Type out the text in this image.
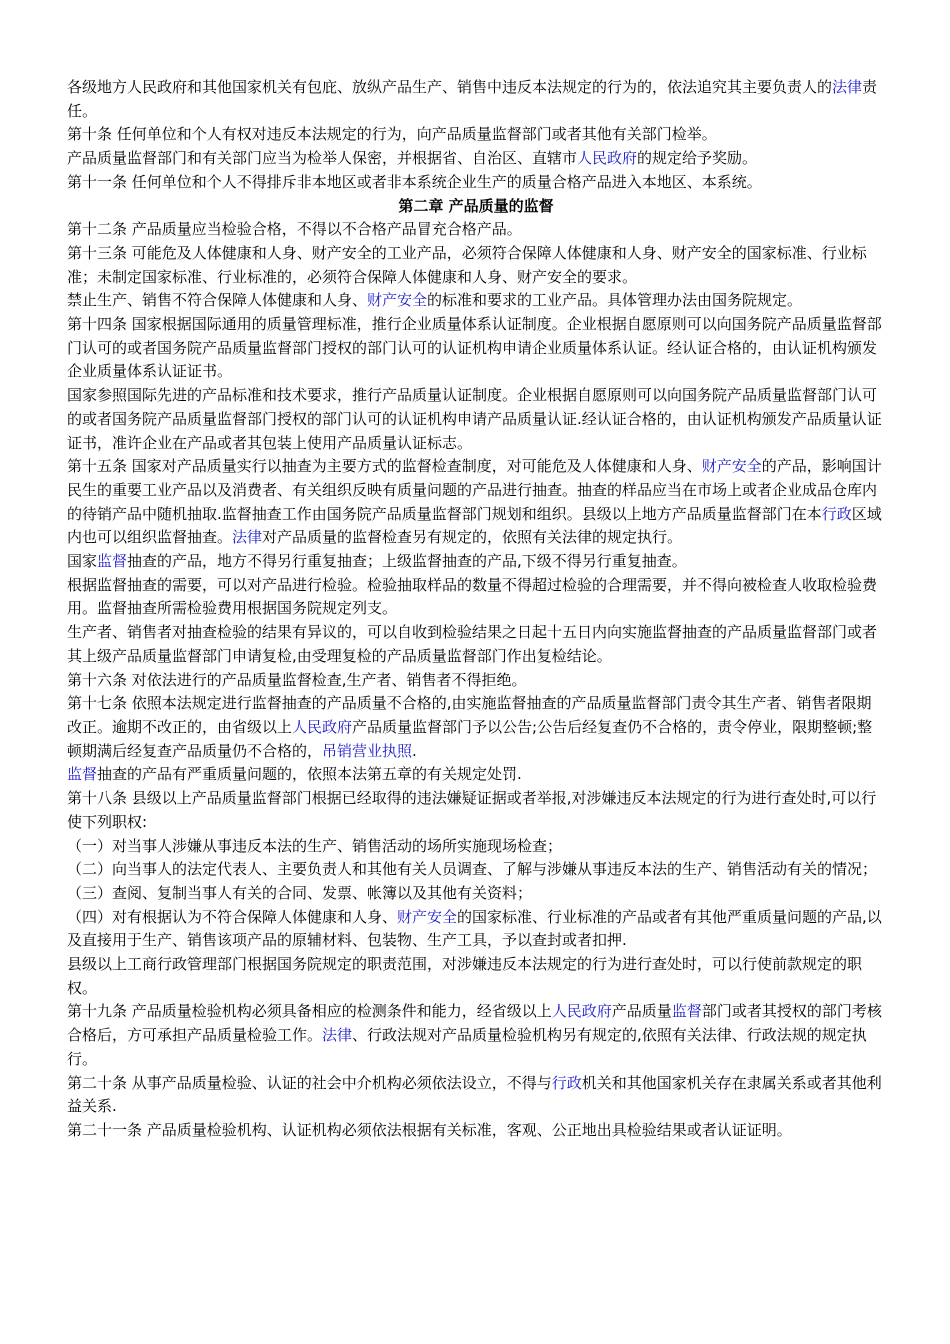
各级地方人民政府和其他国家机关有包庇、放纵产品生产、销售中违反本法规定的行为的，依法追究其主要负责人的法律责任。

第十条 任何单位和个人有权对违反本法规定的行为，向产品质量监督部门或者其他有关部门检举。

产品质量监督部门和有关部门应当为检举人保密，并根据省、自治区、直辖市人民政府的规定给予奖励。

第十一条 任何单位和个人不得排斥非本地区或者非本系统企业生产的质量合格产品进入本地区、本系统。

第二章 产品质量的监督

第十二条 产品质量应当检验合格，不得以不合格产品冒充合格产品。

第十三条 可能危及人体健康和人身、财产安全的工业产品，必须符合保障人体健康和人身、财产安全的国家标准、行业标准；未制定国家标准、行业标准的，必须符合保障人体健康和人身、财产安全的要求。

禁止生产、销售不符合保障人体健康和人身、财产安全的标准和要求的工业产品。具体管理办法由国务院规定。

第十四条 国家根据国际通用的质量管理标准，推行企业质量体系认证制度。企业根据自愿原则可以向国务院产品质量监督部门认可的或者国务院产品质量监督部门授权的部门认可的认证机构申请企业质量体系认证。经认证合格的，由认证机构颁发企业质量体系认证证书。

国家参照国际先进的产品标准和技术要求，推行产品质量认证制度。企业根据自愿原则可以向国务院产品质量监督部门认可的或者国务院产品质量监督部门授权的部门认可的认证机构申请产品质量认证.经认证合格的，由认证机构颁发产品质量认证证书，准许企业在产品或者其包装上使用产品质量认证标志。

第十五条 国家对产品质量实行以抽查为主要方式的监督检查制度，对可能危及人体健康和人身、财产安全的产品，影响国计民生的重要工业产品以及消费者、有关组织反映有质量问题的产品进行抽查。抽查的样品应当在市场上或者企业成品仓库内的待销产品中随机抽取.监督抽查工作由国务院产品质量监督部门规划和组织。县级以上地方产品质量监督部门在本行政区域内也可以组织监督抽查。法律对产品质量的监督检查另有规定的，依照有关法律的规定执行。

国家监督抽查的产品，地方不得另行重复抽查；上级监督抽查的产品,下级不得另行重复抽查。

根据监督抽查的需要，可以对产品进行检验。检验抽取样品的数量不得超过检验的合理需要，并不得向被检查人收取检验费用。监督抽查所需检验费用根据国务院规定列支。

生产者、销售者对抽查检验的结果有异议的，可以自收到检验结果之日起十五日内向实施监督抽查的产品质量监督部门或者其上级产品质量监督部门申请复检,由受理复检的产品质量监督部门作出复检结论。

第十六条 对依法进行的产品质量监督检查,生产者、销售者不得拒绝。

第十七条 依照本法规定进行监督抽查的产品质量不合格的,由实施监督抽查的产品质量监督部门责令其生产者、销售者限期改正。逾期不改正的，由省级以上人民政府产品质量监督部门予以公告;公告后经复查仍不合格的，责令停业，限期整顿;整顿期满后经复查产品质量仍不合格的，吊销营业执照.

监督抽查的产品有严重质量问题的，依照本法第五章的有关规定处罚.

第十八条 县级以上产品质量监督部门根据已经取得的违法嫌疑证据或者举报,对涉嫌违反本法规定的行为进行查处时,可以行使下列职权:

（一）对当事人涉嫌从事违反本法的生产、销售活动的场所实施现场检查；

（二）向当事人的法定代表人、主要负责人和其他有关人员调查、了解与涉嫌从事违反本法的生产、销售活动有关的情况；

（三）查阅、复制当事人有关的合同、发票、帐簿以及其他有关资料；

（四）对有根据认为不符合保障人体健康和人身、财产安全的国家标准、行业标准的产品或者有其他严重质量问题的产品,以及直接用于生产、销售该项产品的原辅材料、包装物、生产工具，予以查封或者扣押.

县级以上工商行政管理部门根据国务院规定的职责范围，对涉嫌违反本法规定的行为进行查处时，可以行使前款规定的职权。

第十九条 产品质量检验机构必须具备相应的检测条件和能力，经省级以上人民政府产品质量监督部门或者其授权的部门考核合格后，方可承担产品质量检验工作。法律、行政法规对产品质量检验机构另有规定的,依照有关法律、行政法规的规定执行。

第二十条 从事产品质量检验、认证的社会中介机构必须依法设立，不得与行政机关和其他国家机关存在隶属关系或者其他利益关系.

第二十一条 产品质量检验机构、认证机构必须依法根据有关标准，客观、公正地出具检验结果或者认证证明。
